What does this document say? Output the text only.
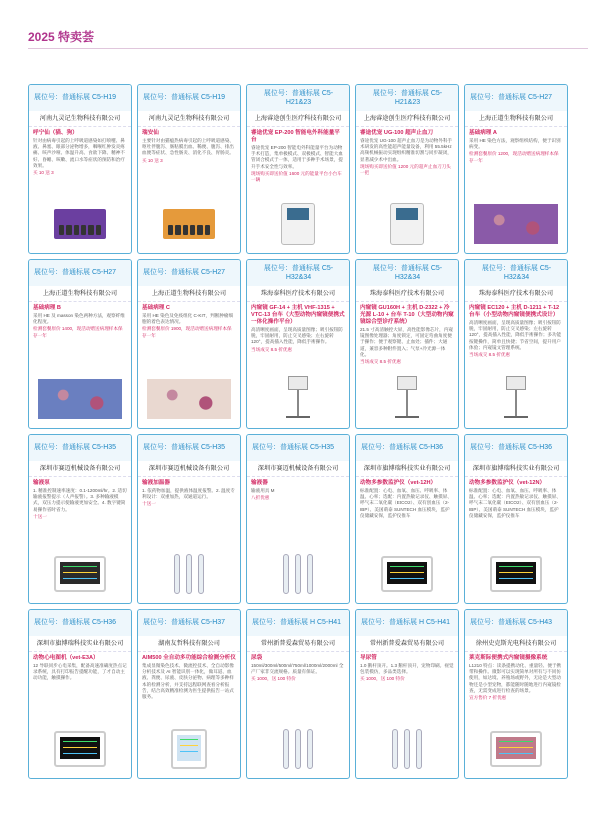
2025 特卖荟
展位号：普通标展 C5-H19
河南九灵记生物科技有限公司
呼宁仙（猫、狗）
针对由病毒引起的上呼吸道感染如打喷嚏、鼻液、鼻塞、眼部分泌物增多，咽喉红肿发炎疼痛、咳声沙哑、体温升高、食欲下降、精神不好、昏睡、咳嗽、流口水等症状的预防和治疗效果。
买 10 送 3
展位号：普通标展 C5-H19
河南九灵记生物科技有限公司
瑞安仙
主要针对由猫瘟热病毒引起的上呼吸道感染、呕吐伴腹泻、肠粘膜出血、稀便、腹泻、排出血便等症状、急性肠炎、消化不良、胃肠炎。
买 10 送 3
展位号：普通标展 C5-H21&23
上海睿途创生医疗科技有限公司
睿途优宠 EP-200 智能电外科能量平台
睿途优宠 EP-200 智能电外科能量平台为动物手术打造，集单极模式、双极模式、智能大血管闭合模式于一体，适用于多种手术场景，提升手术安全性与效率。
现场购买即送价值 1600 元的能量平台小台车一辆
展位号：普通标展 C5-H21&23
上海睿途创生医疗科技有限公司
睿途优宠 UG-100 超声止血刀
睿途优宠 UG-100 超声止血刀是为动物外科手术研发的高性能超声能量设备，利用 55.5kHz 高频机械振动实现组织精准切割与同步凝闭，显著减少术中出血。
现场购买即送价值 1200 元的超声止血刀刀头一把
展位号：普通标展 C5-H27
上海正道生物科技有限公司
基础病理 A
采用 HE 染色方法，观察组织结构，便于识别病变。
检测套餐原价 1200，现活动赠送病理样本保存一年
展位号：普通标展 C5-H27
上海正道生物科技有限公司
基础病理 B
采用 HE 及 masson 染色两种方法，观察纤维化程度。
检测套餐原价 1400，现活动赠送病理样本保存一年
展位号：普通标展 C5-H27
上海正道生物科技有限公司
基础病理 C
采用 HE 染色及免疫组化 C-KIT，判断肿瘤细胞的着色表达情况。
检测套餐原价 1900，现活动赠送病理样本保存一年
展位号：普通标展 C5-H32&34
珠海泰科医疗技术有限公司
内窥镜 GF-14 + 主机 VHF-1315 + VTC-13 台车（大型动物内窥镜便携式一体化操作平台）
高清晰度画面，呈现高质量图像；吸引按钮防脱，牢固耐用，防止交叉感染；左右旋转 120°，提高插入性能，降低手術操作。
当场成交 8.5 折优惠
展位号：普通标展 C5-H32&34
珠海泰科医疗技术有限公司
内窥镜 GU160H + 主机 D-2322 + 冷光源 L-10 + 台车 T-10（大型动物内窥镜综合型诊疗系统）
21.5 寸高清触控大屏，高性能影像芯片，内窥镜图像处理器；角度锁定，可固定弯曲角度便于操作；便于观察键、止血处；插件；大通道，兼容多种附件置入；气泵+冷光源一体化。
当场成交 8.5 折优惠
展位号：普通标展 C5-H32&34
珠海泰科医疗技术有限公司
内窥镜 EC120 + 主机 D-1211 + T-12 台车（小型动物内窥镜便携式设计）
高清晰度画面，呈现高质量图像；吸引按钮防脱，牢固耐用，防止交叉感染；左右旋转 120°，提高插入性能，降低手術操作；多功能按键操作，简单且快捷；节省空间，提升用户体验；内窥镜文管理系统。
当场成交 8.5 折优惠
展位号：普通标展 C5-H35
深圳市赛迈机械设备有限公司
输液泵
1. 精准控制速率速度：0.1-1200ml/hr。2. 适切输液报警提示（人声报警）。3. 多种输液模式，双压力提示使输液更加安全。4. 数字键简易操作省时省力。
十送一
展位号：普通标展 C5-H35
深圳市赛迈机械设备有限公司
输液加温器
1. 依药物加温，提供液体温度报警。2. 温度专利设计：双重加热，双通道运行。
十送一
展位号：普通标展 C5-H35
深圳市赛迈机械设备有限公司
输液器
输液用具 M
八折优惠
展位号：普通标展 C5-H36
深圳市旗博瑞科技实业有限公司
动物多参数监护仪（vet-12H）
标准配置：心电、血氧、血压、呼吸率、体温、心率；选配：内置热敏记录仪、触摸屏、呼气末二氧化碳（EtCO2）、双有创血压（2-IBP）、美国萌泰 SUNTECH 血压模块，监护仪储藏安保，监护仪推车
展位号：普通标展 C5-H36
深圳市旗博瑞科技实业有限公司
动物多参数监护仪（vet-12N）
标准配置：心电、血氧、血压、呼吸率、体温、心率；选配：内置热敏记录仪、触摸屏、呼气末二氧化碳（EtCO2）、双有创血压（2-IBP）、美国萌泰 SUNTECH 血压模块，监护仪储藏安保，监护仪推车
展位号：普通标展 C5-H36
深圳市旗博瑞科技实业有限公司
动物心电图机（vet-E3A）
12 导联同步心电采集，配备高速准确度热点记录系统，具有打印报告提醒功能，了才自动主动功能，触摸操作。
展位号：普通标展 C5-H37
湖南友哲科技有限公司
AIM500 全自动多功能综合检测分析仪
集成显微染色技术、微流控技术、全自动影像分析技术及 AI 智能识别一体化，做耳道、血液、粪便、尿液、皮肤分泌物、病理等多种样本的检测分析，并支持远程联网查看分析报告，结合高效精准检测为医生提供报告一站式服务。
展位号：普通标展 H C5-H41
常州新普爱森贸易有限公司
尿袋
150ml/300ml/500ml/750ml/1000ml/2000ml 全产厂家非交流规格。质量有保证。
买 1000，送 100 特价
展位号：普通标展 H C5-H41
常州新普爱森贸易有限公司
导尿管
1.0 鹅杆顶开。1.3 鹅杆顶开，宠物印刷。视觉包装模仿，多品类选择。
买 1000，送 100 特价
展位号：普通标展 C5-H43
徐州史克斯光电科技有限公司
莱克斯际便携式内窥镜摄像系统
L1210 特点：读条提携动化、重量轻、便于携带和操作。微影可以实现简单对所有与不同仿使用，如达境、养殖场或野外，无论是大型动物还是小型宠物，都能随时随地进行内窥镜检查，无需变成进行检查的场景。
宣方售价 7 折优惠
